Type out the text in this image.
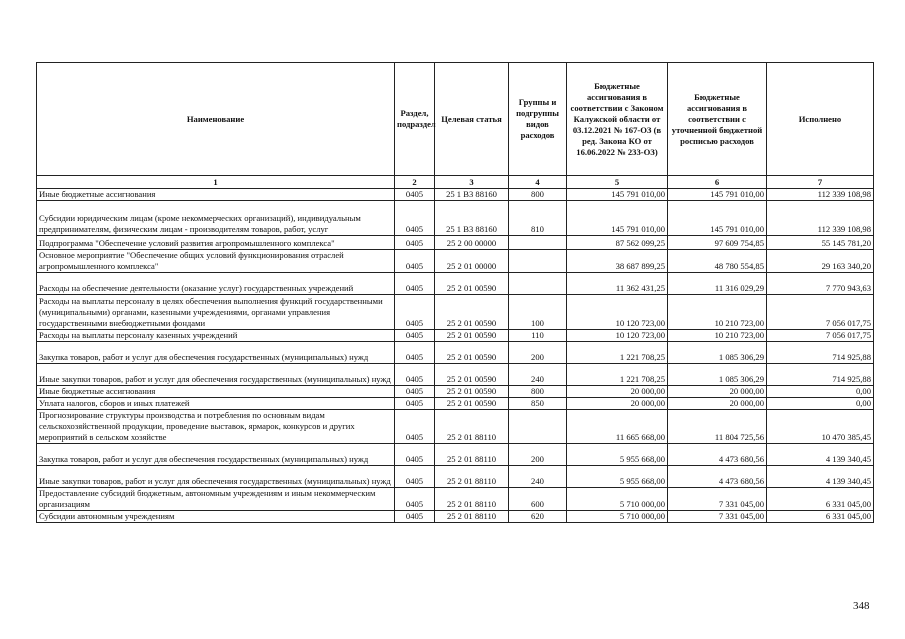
Наименование	Раздел, подраздел	Целевая статья	Группы и подгруппы видов расходов	Бюджетные ассигнования в соответствии с Законом Калужской области от 03.12.2021 № 167-ОЗ (в ред. Закона КО от 16.06.2022 № 233-ОЗ)	Бюджетные ассигнования в соответствии с уточненной бюджетной росписью расходов	Исполнено
1	2	3	4	5	6	7
Иные бюджетные ассигнования	0405	25 1 В3 88160	800	145 791 010,00	145 791 010,00	112 339 108,98
Субсидии юридическим лицам (кроме некоммерческих организаций), индивидуальным предпринимателям, физическим лицам - производителям товаров, работ, услуг	0405	25 1 В3 88160	810	145 791 010,00	145 791 010,00	112 339 108,98
Подпрограмма "Обеспечение условий развития агропромышленного комплекса"	0405	25 2 00 00000		87 562 099,25	97 609 754,85	55 145 781,20
Основное мероприятие "Обеспечение общих условий функционирования отраслей агропромышленного комплекса"	0405	25 2 01 00000		38 687 899,25	48 780 554,85	29 163 340,20
Расходы на обеспечение деятельности (оказание услуг) государственных учреждений	0405	25 2 01 00590		11 362 431,25	11 316 029,29	7 770 943,63
Расходы на выплаты персоналу в целях обеспечения выполнения функций государственными (муниципальными) органами, казенными учреждениями, органами управления государственными внебюджетными фондами	0405	25 2 01 00590	100	10 120 723,00	10 210 723,00	7 056 017,75
Расходы на выплаты персоналу казенных учреждений	0405	25 2 01 00590	110	10 120 723,00	10 210 723,00	7 056 017,75
Закупка товаров, работ и услуг для обеспечения государственных (муниципальных) нужд	0405	25 2 01 00590	200	1 221 708,25	1 085 306,29	714 925,88
Иные закупки товаров, работ и услуг для обеспечения государственных (муниципальных) нужд	0405	25 2 01 00590	240	1 221 708,25	1 085 306,29	714 925,88
Иные бюджетные ассигнования	0405	25 2 01 00590	800	20 000,00	20 000,00	0,00
Уплата налогов, сборов и иных платежей	0405	25 2 01 00590	850	20 000,00	20 000,00	0,00
Прогнозирование структуры производства и потребления по основным видам сельскохозяйственной продукции, проведение выставок, ярмарок, конкурсов и других мероприятий в сельском хозяйстве	0405	25 2 01 88110		11 665 668,00	11 804 725,56	10 470 385,45
Закупка товаров, работ и услуг для обеспечения государственных (муниципальных) нужд	0405	25 2 01 88110	200	5 955 668,00	4 473 680,56	4 139 340,45
Иные закупки товаров, работ и услуг для обеспечения государственных (муниципальных) нужд	0405	25 2 01 88110	240	5 955 668,00	4 473 680,56	4 139 340,45
Предоставление субсидий бюджетным, автономным учреждениям и иным некоммерческим организациям	0405	25 2 01 88110	600	5 710 000,00	7 331 045,00	6 331 045,00
Субсидии автономным учреждениям	0405	25 2 01 88110	620	5 710 000,00	7 331 045,00	6 331 045,00
348
